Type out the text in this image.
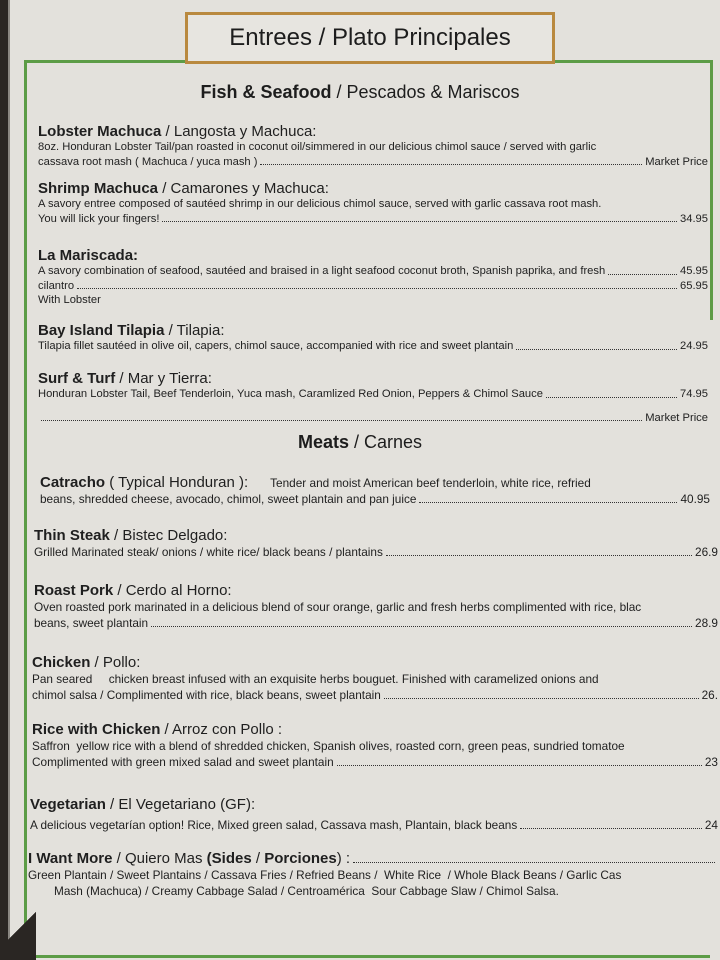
Entrees / Plato Principales
Fish & Seafood / Pescados & Mariscos
Lobster Machuca / Langosta y Machuca:
8oz. Honduran Lobster Tail/pan roasted in coconut oil/simmered in our delicious chimol sauce / served with garlic
cassava root mash ( Machuca / yuca mash )	Market Price
Shrimp Machuca / Camarones y Machuca:
A savory entree composed of sautéed shrimp in our delicious chimol sauce, served with garlic cassava root mash.
You will lick your fingers!	34.95
La Mariscada:
A savory combination of seafood, sautéed and braised in a light seafood coconut broth, Spanish paprika, and fresh	45.95
cilantro	65.95
With Lobster
Bay Island Tilapia / Tilapia:
Tilapia fillet sautéed in olive oil, capers, chimol sauce, accompanied with rice and sweet plantain	24.95
Surf & Turf / Mar y Tierra:
Honduran Lobster Tail, Beef Tenderloin, Yuca mash, Caramlized Red Onion, Peppers & Chimol Sauce	74.95
Market Price
Meats / Carnes
Catracho ( Typical Honduran ): Tender and moist American beef tenderloin, white rice, refried
beans, shredded cheese, avocado, chimol, sweet plantain and pan juice	40.95
Thin Steak / Bistec Delgado:
Grilled Marinated steak/ onions / white rice/ black beans / plantains	26.9
Roast Pork / Cerdo al Horno:
Oven roasted pork marinated in a delicious blend of sour orange, garlic and fresh herbs complimented with rice, blac
beans, sweet plantain	28.9
Chicken / Pollo:
Pan seared     chicken breast infused with an exquisite herbs bouguet. Finished with caramelized onions and
chimol salsa / Complimented with rice, black beans, sweet plantain	26.
Rice with Chicken / Arroz con Pollo :
Saffron  yellow rice with a blend of shredded chicken, Spanish olives, roasted corn, green peas, sundried tomatoe
Complimented with green mixed salad and sweet plantain	23
Vegetarian / El Vegetariano (GF):
A delicious vegetarían option! Rice, Mixed green salad, Cassava mash, Plantain, black beans	24
I Want More / Quiero Mas (Sides / Porciones) :
Green Plantain / Sweet Plantains / Cassava Fries / Refried Beans /  White Rice  / Whole Black Beans / Garlic Cas
Mash (Machuca) / Creamy Cabbage Salad / Centroamérica  Sour Cabbage Slaw / Chimol Salsa.
